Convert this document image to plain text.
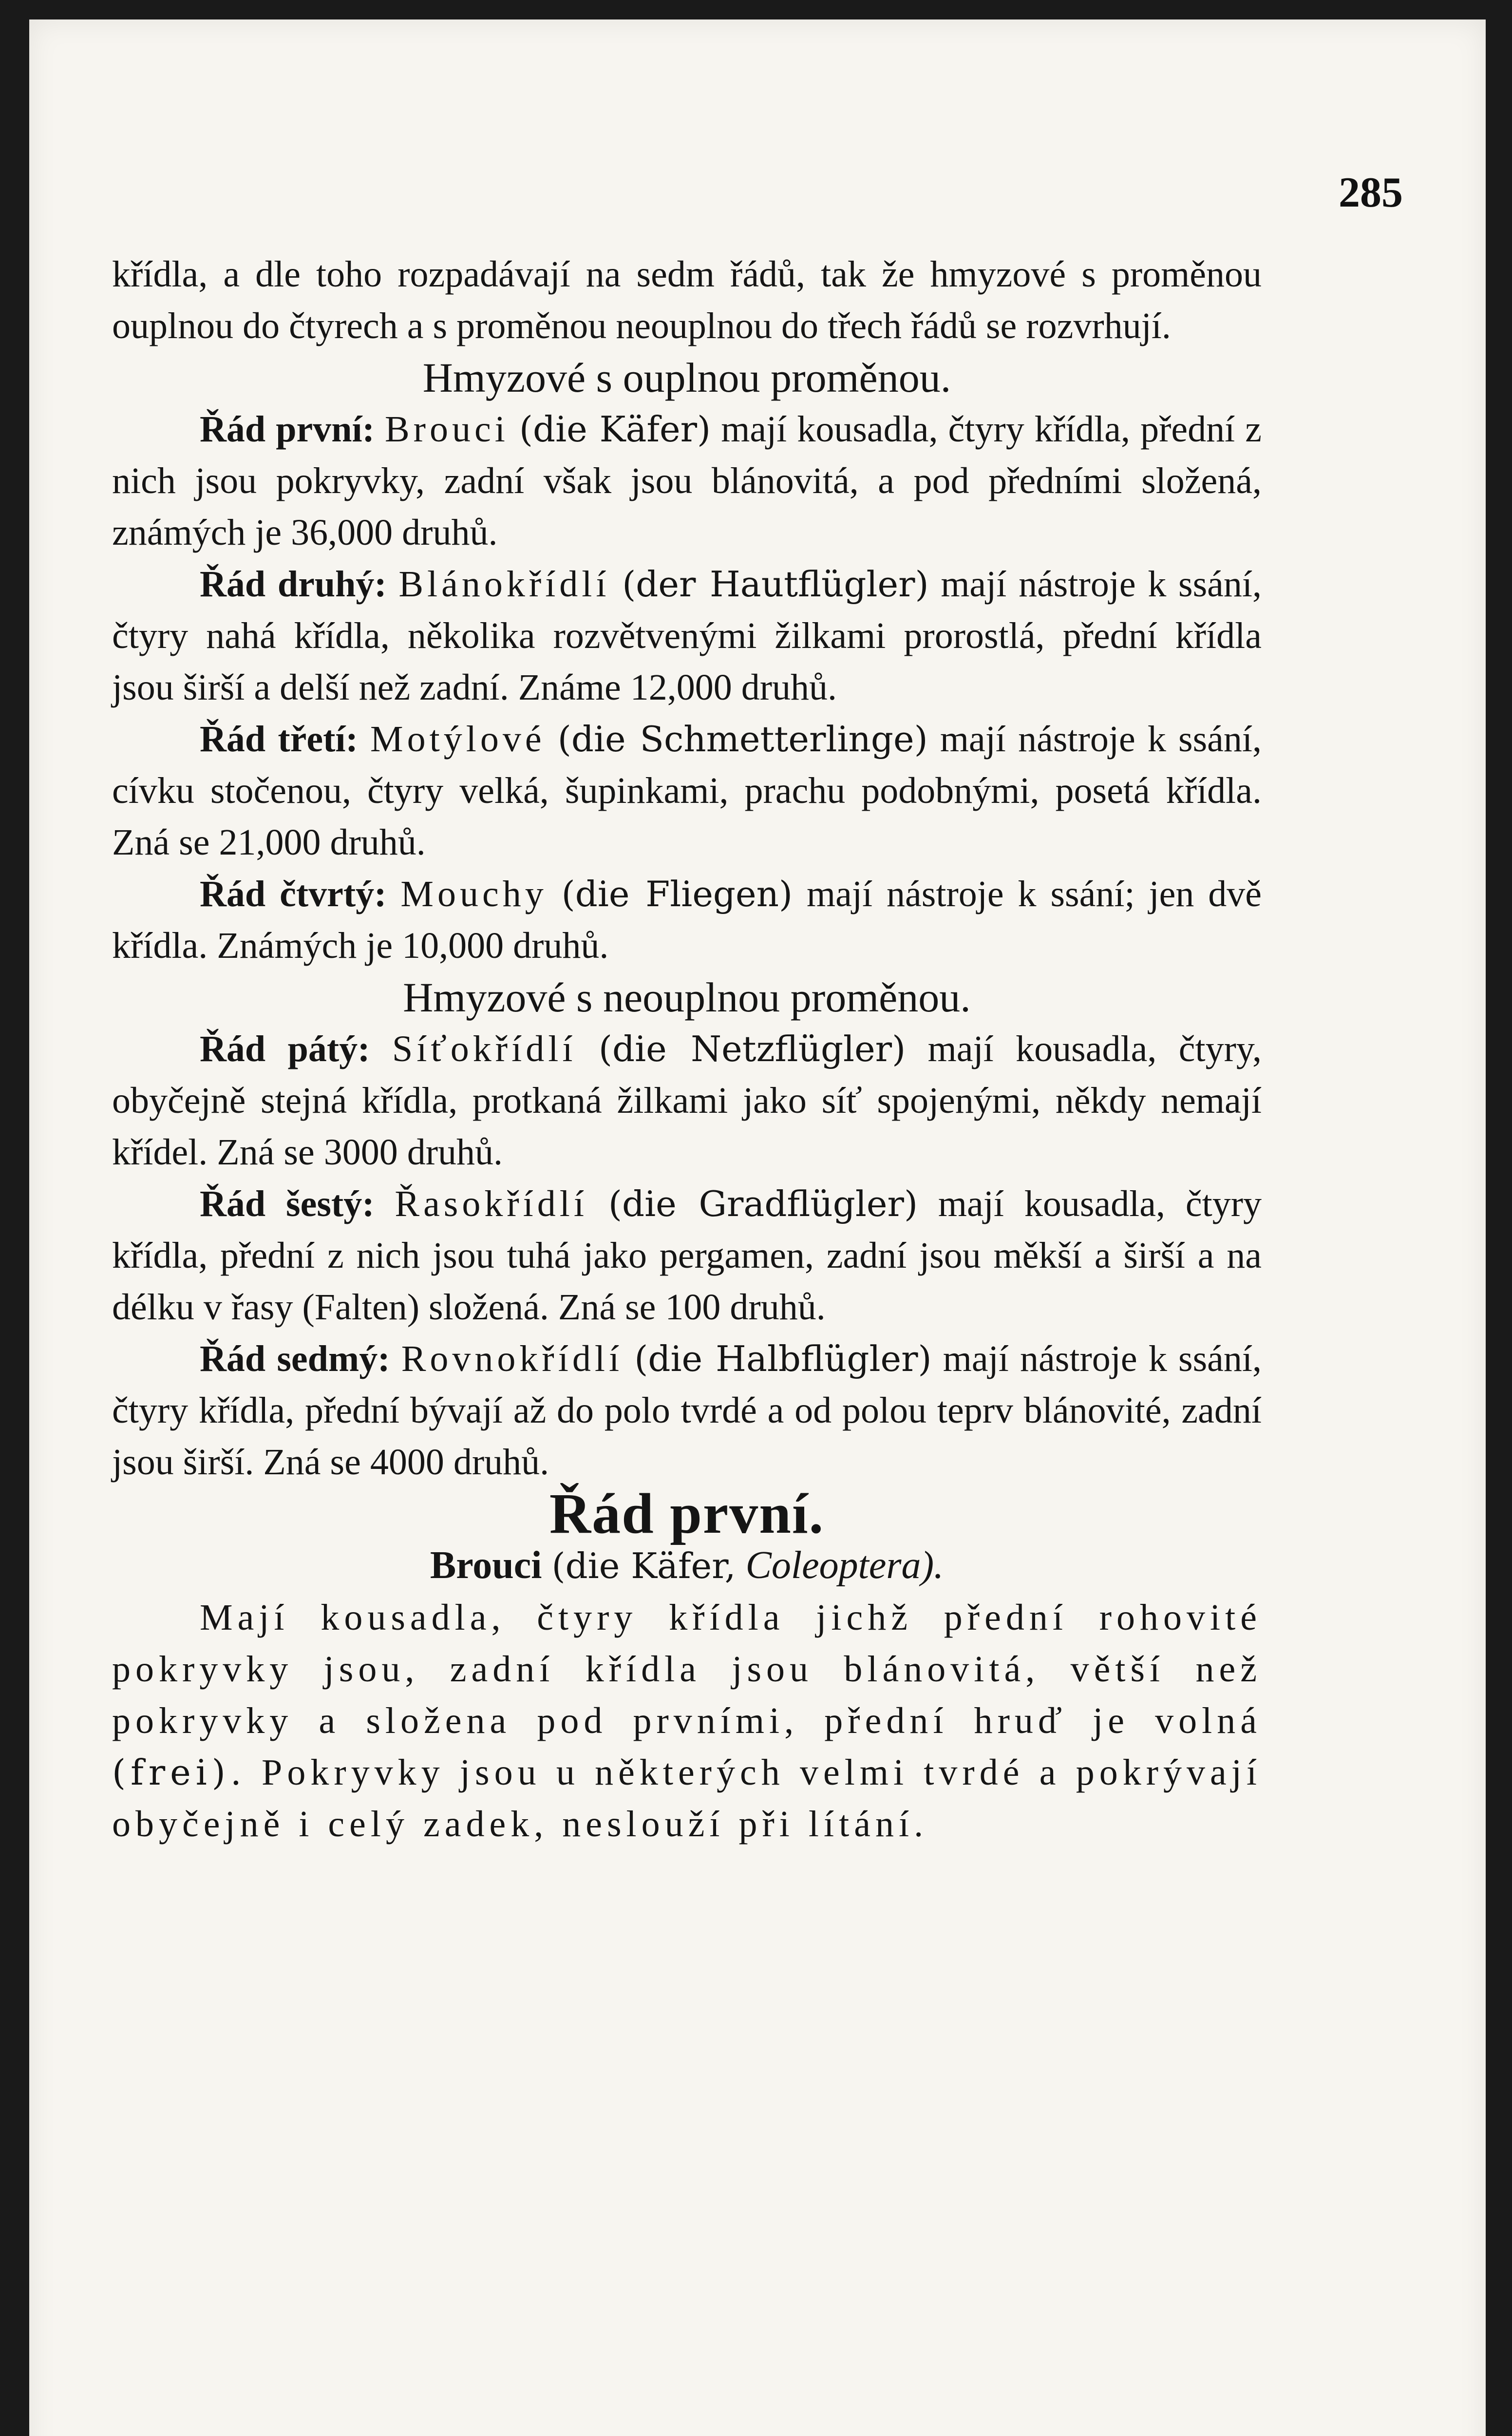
285

křídla, a dle toho rozpadávají na sedm řádů, tak že hmyzové s proměnou ouplnou do čtyrech a s proměnou neouplnou do třech řádů se rozvrhují.

Hmyzové s ouplnou proměnou.

Řád první: Brouci (die Käfer) mají kousadla, čtyry křídla, přední z nich jsou pokryvky, zadní však jsou blánovitá, a pod předními složená, známých je 36,000 druhů.

Řád druhý: Blánokřídlí (der Hautflügler) mají nástroje k ssání, čtyry nahá křídla, několika rozvětvenými žilkami prorostlá, přední křídla jsou širší a delší než zadní. Známe 12,000 druhů.

Řád třetí: Motýlové (die Schmetterlinge) mají nástroje k ssání, cívku stočenou, čtyry velká, šupinkami, prachu podobnými, posetá křídla. Zná se 21,000 druhů.

Řád čtvrtý: Mouchy (die Fliegen) mají nástroje k ssání; jen dvě křídla. Známých je 10,000 druhů.

Hmyzové s neouplnou proměnou.

Řád pátý: Síťokřídlí (die Netzflügler) mají kousadla, čtyry, obyčejně stejná křídla, protkaná žilkami jako síť spojenými, někdy nemají křídel. Zná se 3000 druhů.

Řád šestý: Řasokřídlí (die Gradflügler) mají kousadla, čtyry křídla, přední z nich jsou tuhá jako pergamen, zadní jsou měkší a širší a na délku v řasy (Falten) složená. Zná se 100 druhů.

Řád sedmý: Rovnokřídlí (die Halbflügler) mají nástroje k ssání, čtyry křídla, přední bývají až do polo tvrdé a od polou teprv blánovité, zadní jsou širší. Zná se 4000 druhů.

Řád první.

Brouci (die Käfer, Coleoptera).

Mají kousadla, čtyry křídla jichž přední rohovité pokryvky jsou, zadní křídla jsou blánovitá, větší než pokryvky a složena pod prvními, přední hruď je volná (frei). Pokryvky jsou u některých velmi tvrdé a pokrývají obyčejně i celý zadek, neslouží při lítání.
